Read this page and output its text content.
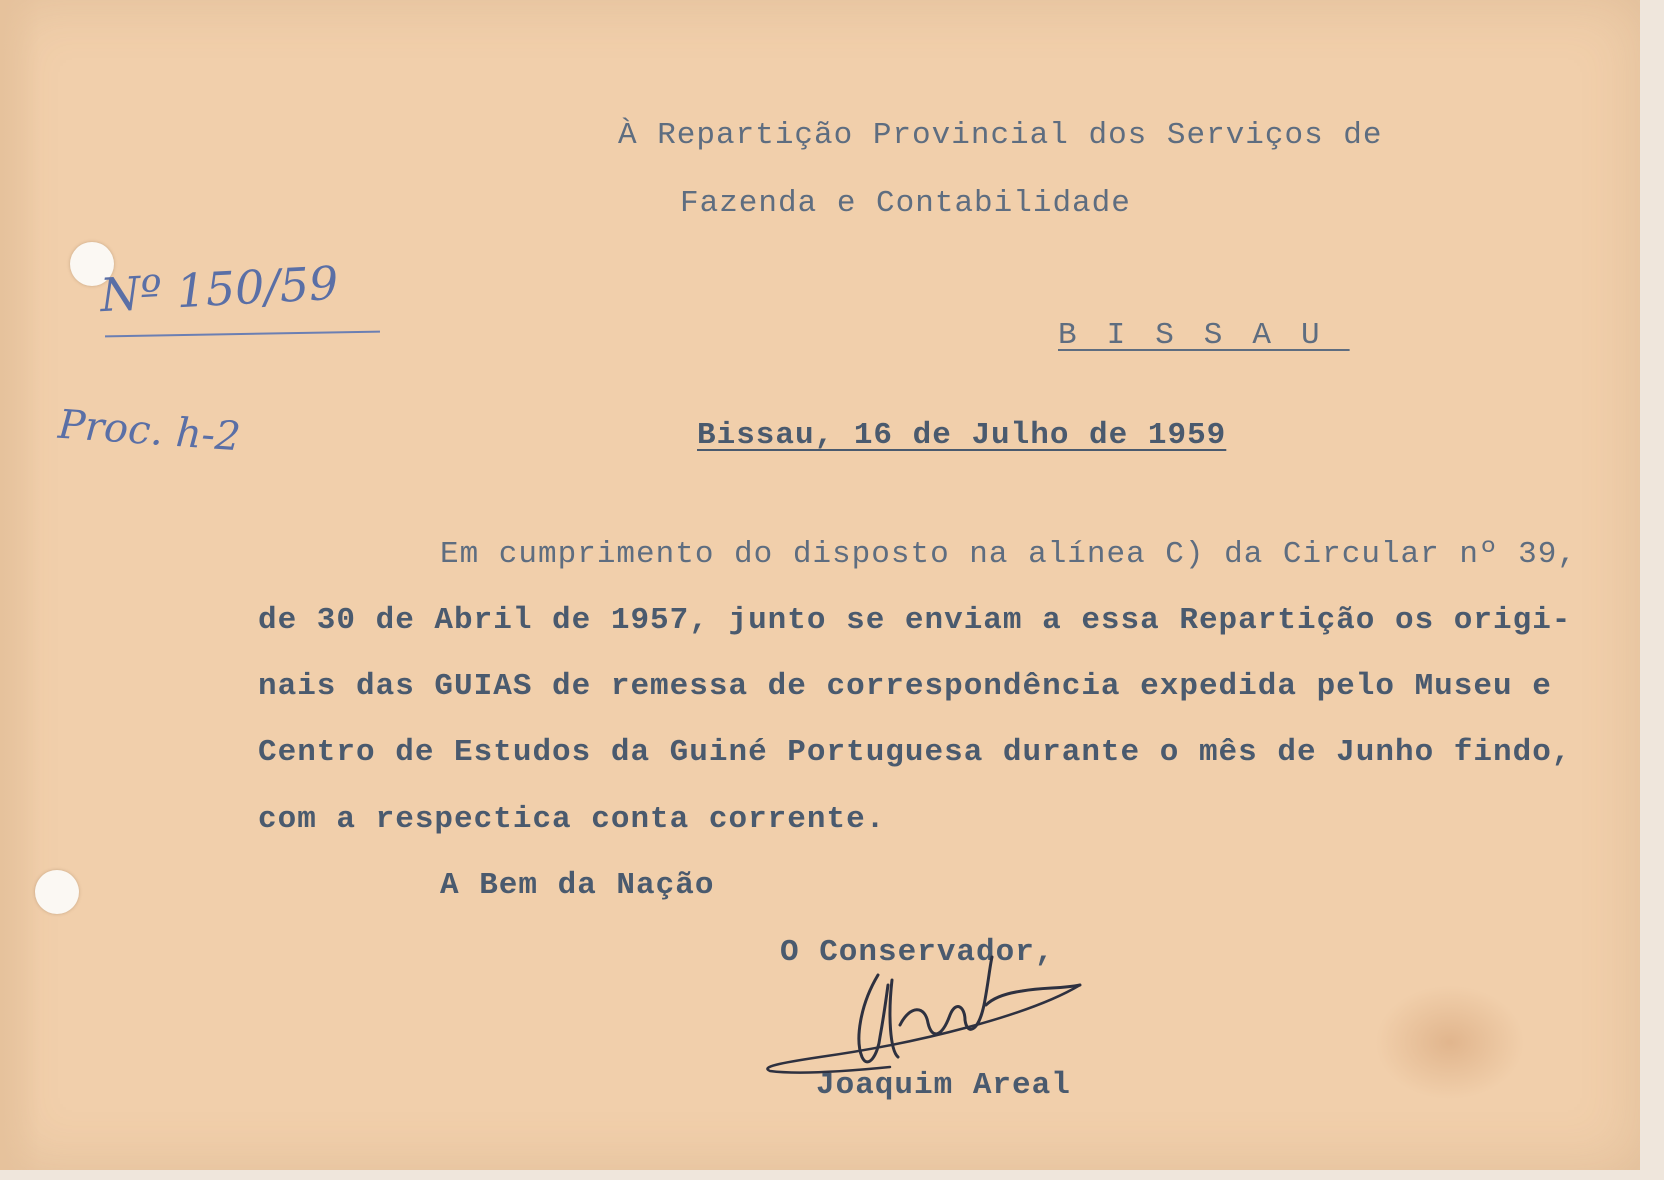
Nº 150/59

Proc. h-2

À Repartição Provincial dos Serviços de

Fazenda e Contabilidade

BISSAU

Bissau, 16 de Julho de 1959

Em cumprimento do disposto na alínea C) da Circular nº 39,

de 30 de Abril de 1957, junto se enviam a essa Repartição os origi-

nais das GUIAS de remessa de correspondência expedida pelo Museu e

Centro de Estudos da Guiné Portuguesa durante o mês de Junho findo,

com a respectica conta corrente.

A Bem da Nação

O Conservador,

Joaquim Areal
